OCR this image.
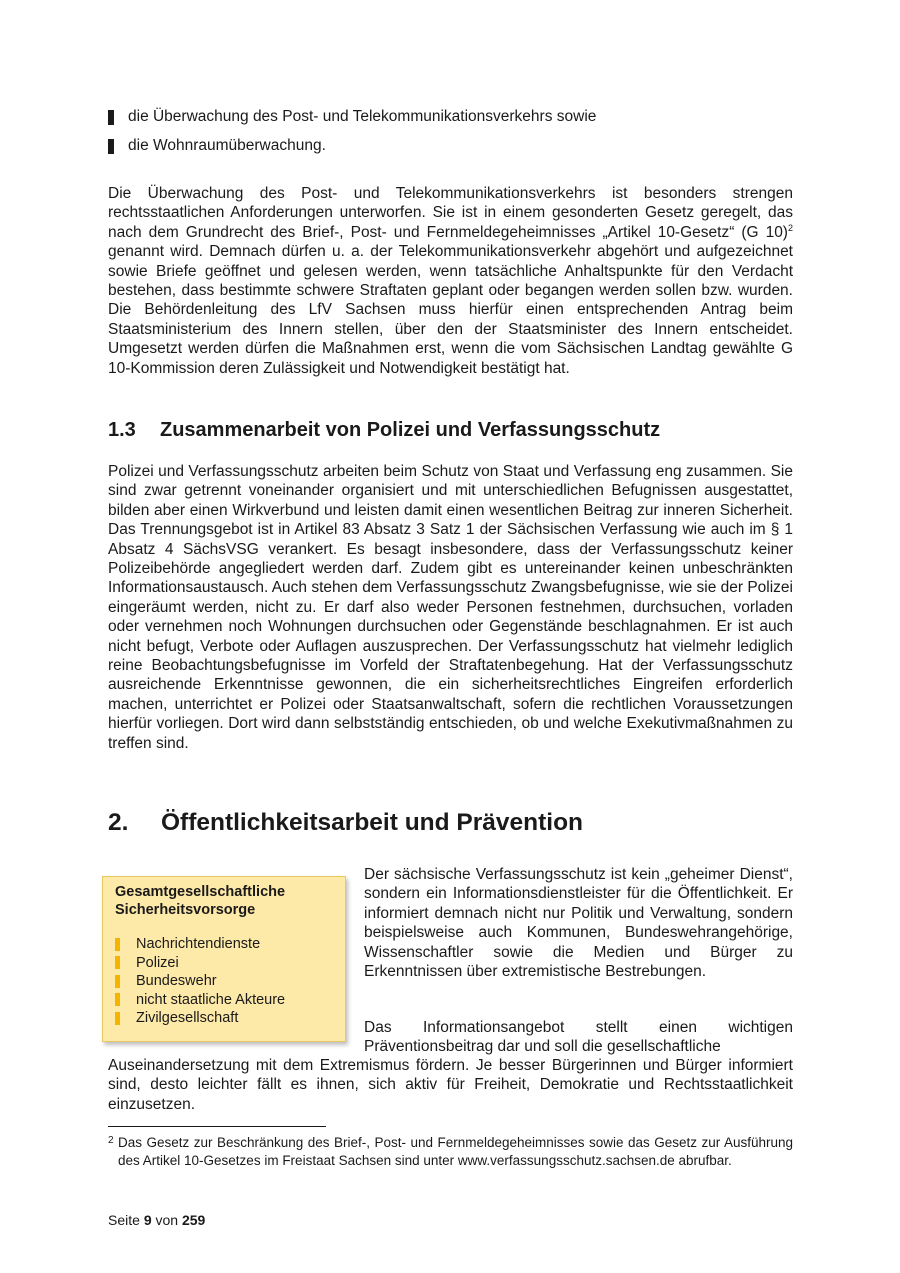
die Überwachung des Post- und Telekommunikationsverkehrs sowie
die Wohnraumüberwachung.

Die Überwachung des Post- und Telekommunikationsverkehrs ist besonders strengen rechtsstaatlichen Anforderungen unterworfen. Sie ist in einem gesonderten Gesetz geregelt, das nach dem Grundrecht des Brief-, Post- und Fernmeldegeheimnisses „Artikel 10-Gesetz“ (G 10)$^2$ genannt wird. Demnach dürfen u. a. der Telekommunikationsverkehr abgehört und aufgezeichnet sowie Briefe geöffnet und gelesen werden, wenn tatsächliche Anhaltspunkte für den Verdacht bestehen, dass bestimmte schwere Straftaten geplant oder begangen werden sollen bzw. wurden. Die Behördenleitung des LfV Sachsen muss hierfür einen entsprechenden Antrag beim Staatsministerium des Innern stellen, über den der Staatsminister des Innern entscheidet. Umgesetzt werden dürfen die Maßnahmen erst, wenn die vom Sächsischen Landtag gewählte G 10-Kommission deren Zulässigkeit und Notwendigkeit bestätigt hat.

1.3 Zusammenarbeit von Polizei und Verfassungsschutz

Polizei und Verfassungsschutz arbeiten beim Schutz von Staat und Verfassung eng zusammen. Sie sind zwar getrennt voneinander organisiert und mit unterschiedlichen Befugnissen ausgestattet, bilden aber einen Wirkverbund und leisten damit einen wesentlichen Beitrag zur inneren Sicherheit. Das Trennungsgebot ist in Artikel 83 Absatz 3 Satz 1 der Sächsischen Verfassung wie auch im § 1 Absatz 4 SächsVSG verankert. Es besagt insbesondere, dass der Verfassungsschutz keiner Polizeibehörde angegliedert werden darf. Zudem gibt es untereinander keinen unbeschränkten Informationsaustausch. Auch stehen dem Verfassungsschutz Zwangsbefugnisse, wie sie der Polizei eingeräumt werden, nicht zu. Er darf also weder Personen festnehmen, durchsuchen, vorladen oder vernehmen noch Wohnungen durchsuchen oder Gegenstände beschlagnahmen. Er ist auch nicht befugt, Verbote oder Auflagen auszusprechen. Der Verfassungsschutz hat vielmehr lediglich reine Beobachtungsbefugnisse im Vorfeld der Straftatenbegehung. Hat der Verfassungsschutz ausreichende Erkenntnisse gewonnen, die ein sicherheitsrechtliches Eingreifen erforderlich machen, unterrichtet er Polizei oder Staatsanwaltschaft, sofern die rechtlichen Voraussetzungen hierfür vorliegen. Dort wird dann selbstständig entschieden, ob und welche Exekutivmaßnahmen zu treffen sind.

2. Öffentlichkeitsarbeit und Prävention
Gesamtgesellschaftliche Sicherheitsvorsorge
Nachrichtendienste
Polizei
Bundeswehr
nicht staatliche Akteure
Zivilgesellschaft

Der sächsische Verfassungsschutz ist kein „geheimer Dienst“, sondern ein Informationsdienstleister für die Öffentlichkeit. Er informiert demnach nicht nur Politik und Verwaltung, sondern beispielsweise auch Kommunen, Bundeswehrangehörige, Wissenschaftler sowie die Medien und Bürger zu Erkenntnissen über extremistische Bestrebungen.

Das Informationsangebot stellt einen wichtigen Präventionsbeitrag dar und soll die gesellschaftliche

Auseinandersetzung mit dem Extremismus fördern. Je besser Bürgerinnen und Bürger informiert sind, desto leichter fällt es ihnen, sich aktiv für Freiheit, Demokratie und Rechtsstaatlichkeit einzusetzen.

2 Das Gesetz zur Beschränkung des Brief-, Post- und Fernmeldegeheimnisses sowie das Gesetz zur Ausführung des Artikel 10-Gesetzes im Freistaat Sachsen sind unter www.verfassungsschutz.sachsen.de abrufbar.
Seite 9 von 259
